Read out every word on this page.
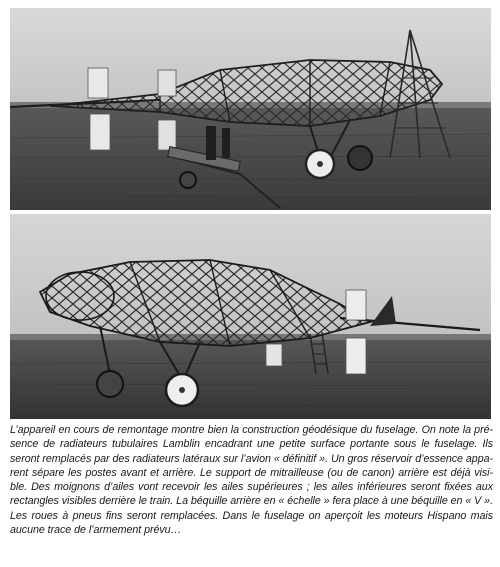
L’appareil en cours de remontage montre bien la construction géodésique du fuselage. On note la pré- sence de radiateurs tubulaires Lamblin encadrant une petite surface portante sous le fuselage. Ils seront remplacés par des radiateurs latéraux sur l’avion « définitif ». Un gros réservoir d’essence appa- rent sépare les postes avant et arrière. Le support de mitrailleuse (ou de canon) arrière est déjà visi- ble. Des moignons d’ailes vont recevoir les ailes supérieures ; les ailes inférieures seront fixées aux rectangles visibles derrière le train. La béquille arrière en « échelle » fera place à une béquille en « V ». Les roues à pneus fins seront remplacées. Dans le fuselage on aperçoit les moteurs Hispano mais aucune trace de l’armement prévu…
